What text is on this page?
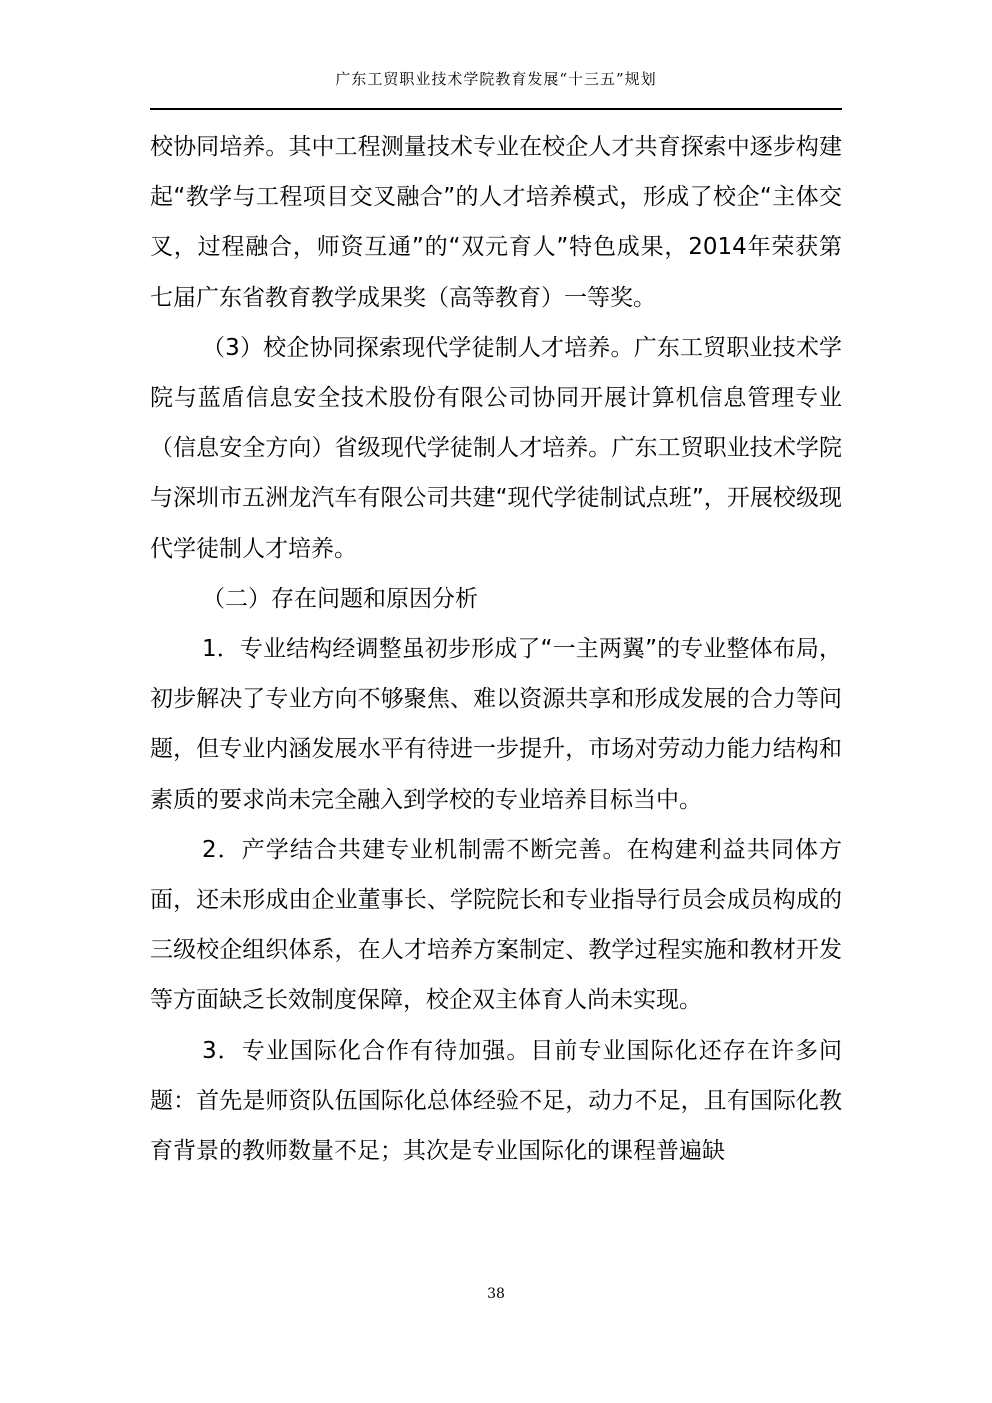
广东工贸职业技术学院教育发展“十三五”规划

校协同培养。其中工程测量技术专业在校企人才共育探索中逐步构建起“教学与工程项目交叉融合”的人才培养模式，形成了校企“主体交叉，过程融合，师资互通”的“双元育人”特色成果，2014年荣获第七届广东省教育教学成果奖（高等教育）一等奖。

（3）校企协同探索现代学徒制人才培养。广东工贸职业技术学院与蓝盾信息安全技术股份有限公司协同开展计算机信息管理专业（信息安全方向）省级现代学徒制人才培养。广东工贸职业技术学院与深圳市五洲龙汽车有限公司共建“现代学徒制试点班”，开展校级现代学徒制人才培养。

（二）存在问题和原因分析

1．专业结构经调整虽初步形成了“一主两翼”的专业整体布局，初步解决了专业方向不够聚焦、难以资源共享和形成发展的合力等问题，但专业内涵发展水平有待进一步提升，市场对劳动力能力结构和素质的要求尚未完全融入到学校的专业培养目标当中。

2．产学结合共建专业机制需不断完善。在构建利益共同体方面，还未形成由企业董事长、学院院长和专业指导行员会成员构成的三级校企组织体系，在人才培养方案制定、教学过程实施和教材开发等方面缺乏长效制度保障，校企双主体育人尚未实现。

3．专业国际化合作有待加强。目前专业国际化还存在许多问题：首先是师资队伍国际化总体经验不足，动力不足，且有国际化教育背景的教师数量不足；其次是专业国际化的课程普遍缺

38
